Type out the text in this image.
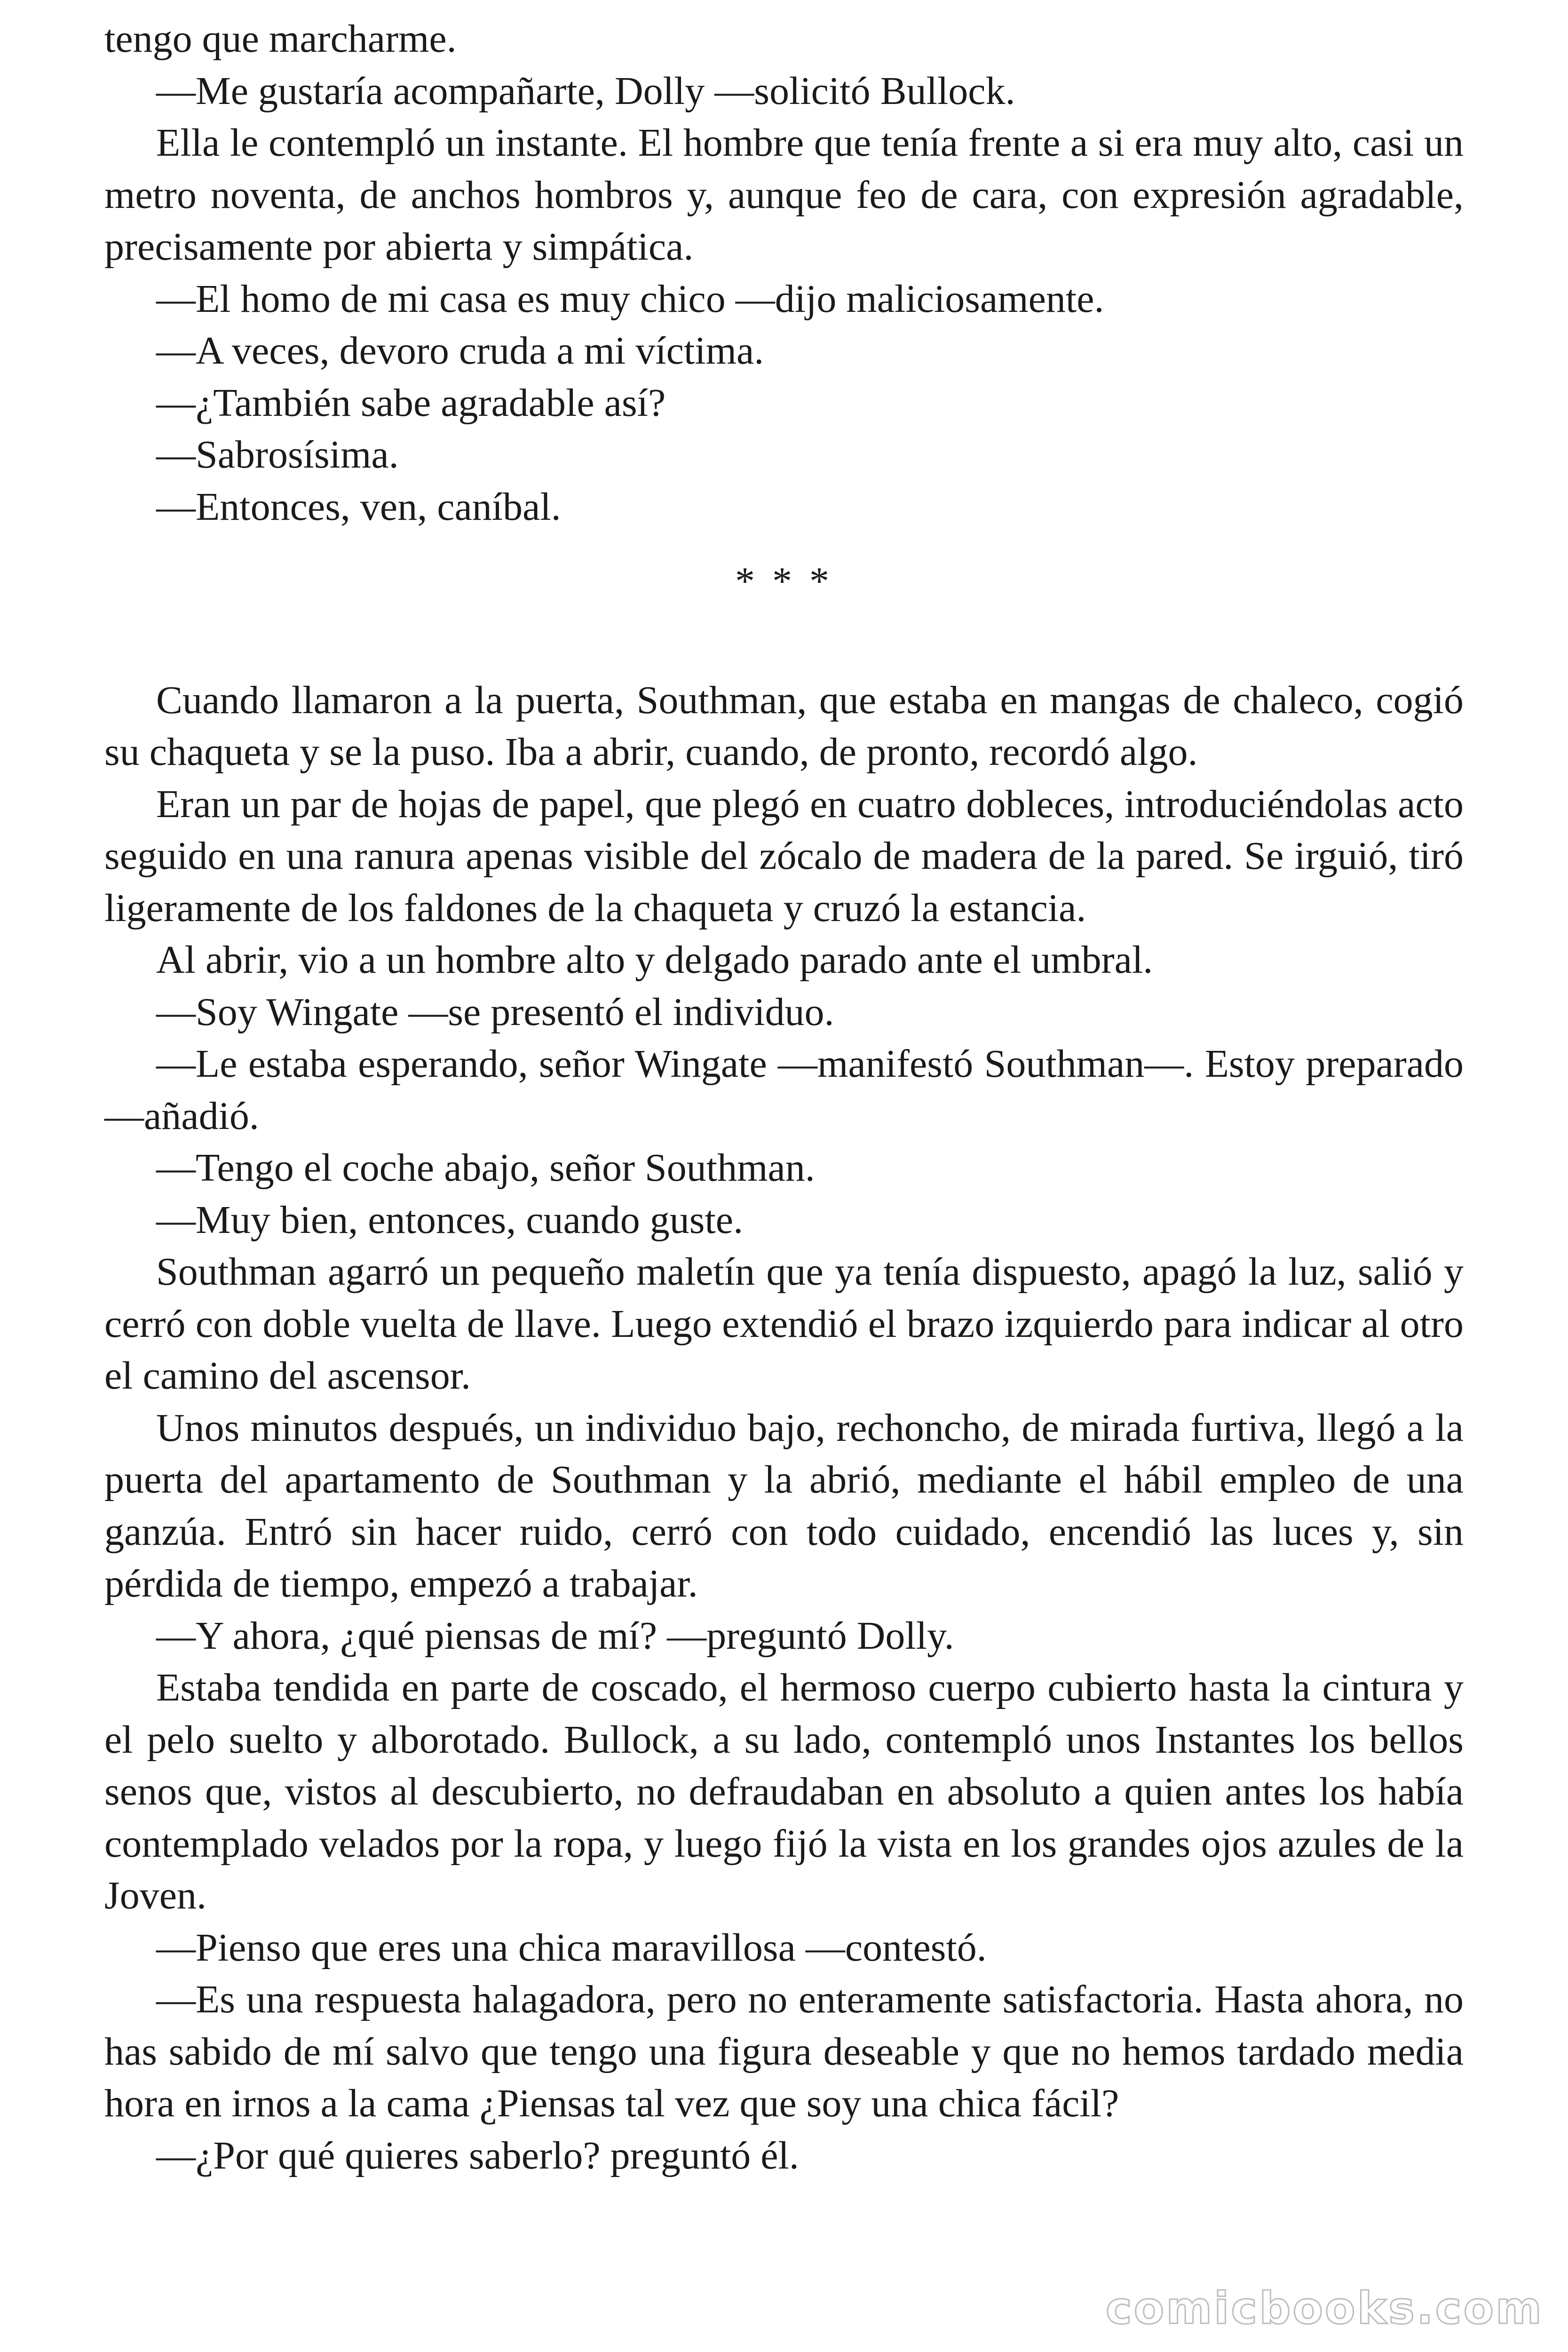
tengo que marcharme.

—Me gustaría acompañarte, Dolly —solicitó Bullock.

Ella le contempló un instante. El hombre que tenía frente a si era muy alto, casi un metro noventa, de anchos hombros y, aunque feo de cara, con expresión agradable, precisamente por abierta y simpática.

—El homo de mi casa es muy chico —dijo maliciosamente.

—A veces, devoro cruda a mi víctima.

—¿También sabe agradable así?

—Sabrosísima.

—Entonces, ven, caníbal.

* * *

Cuando llamaron a la puerta, Southman, que estaba en mangas de chaleco, cogió su chaqueta y se la puso. Iba a abrir, cuando, de pronto, recordó algo.

Eran un par de hojas de papel, que plegó en cuatro dobleces, introduciéndolas acto seguido en una ranura apenas visible del zócalo de madera de la pared. Se irguió, tiró ligeramente de los faldones de la chaqueta y cruzó la estancia.

Al abrir, vio a un hombre alto y delgado parado ante el umbral.

—Soy Wingate —se presentó el individuo.

—Le estaba esperando, señor Wingate —manifestó Southman—. Estoy preparado —añadió.

—Tengo el coche abajo, señor Southman.

—Muy bien, entonces, cuando guste.

Southman agarró un pequeño maletín que ya tenía dispuesto, apagó la luz, salió y cerró con doble vuelta de llave. Luego extendió el brazo izquierdo para indicar al otro el camino del ascensor.

Unos minutos después, un individuo bajo, rechoncho, de mirada furtiva, llegó a la puerta del apartamento de Southman y la abrió, mediante el hábil empleo de una ganzúa. Entró sin hacer ruido, cerró con todo cuidado, encendió las luces y, sin pérdida de tiempo, empezó a trabajar.

—Y ahora, ¿qué piensas de mí? —preguntó Dolly.

Estaba tendida en parte de coscado, el hermoso cuerpo cubierto hasta la cintura y el pelo suelto y alborotado. Bullock, a su lado, contempló unos Instantes los bellos senos que, vistos al descubierto, no defraudaban en absoluto a quien antes los había contemplado velados por la ropa, y luego fijó la vista en los grandes ojos azules de la Joven.

—Pienso que eres una chica maravillosa —contestó.

—Es una respuesta halagadora, pero no enteramente satisfactoria. Hasta ahora, no has sabido de mí salvo que tengo una figura deseable y que no hemos tardado media hora en irnos a la cama ¿Piensas tal vez que soy una chica fácil?

—¿Por qué quieres saberlo? preguntó él.

comicbooks.com
